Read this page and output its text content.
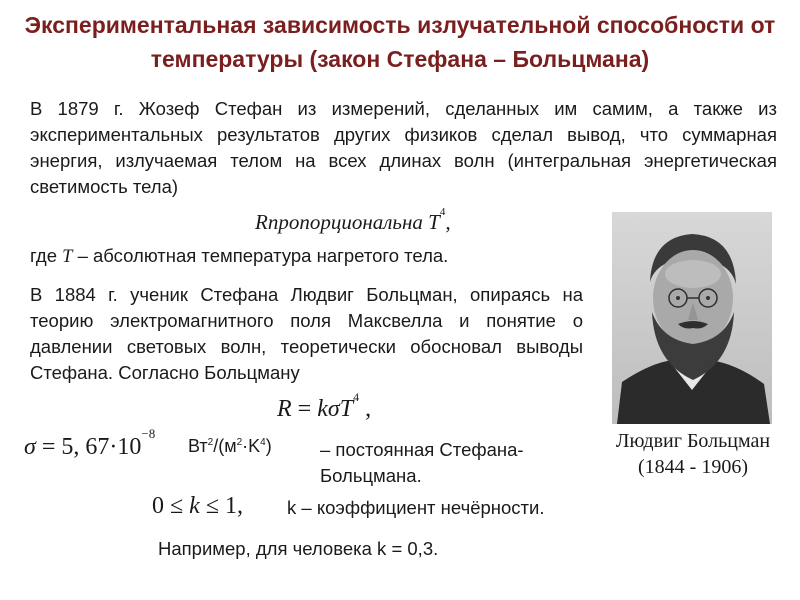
Экспериментальная зависимость излучательной способности от
температуры (закон Стефана – Больцмана)
В 1879 г. Жозеф Стефан из измерений, сделанных им самим, а также из экспериментальных результатов других физиков сделал вывод, что суммарная энергия, излучаемая телом на всех длинах волн (интегральная энергетическая светимость тела)
Rпропорциональна $T^4$,
где T – абсолютная температура нагретого тела.
В 1884 г. ученик Стефана Людвиг Больцман, опираясь на теорию электромагнитного поля Максвелла и понятие о давлении световых волн, теоретически обосновал выводы Стефана. Согласно Больцману
R = kσT$^4$ ,
σ = 5, $67\cdot 10^{-8}$
$Вт^2/(м^2\cdot K^4)$	– постоянная Стефана-Больцмана.
0 ≤ k ≤ 1, k – коэффициент нечёрности.
Например, для человека k = 0,3.
Людвиг Больцман
(1844 - 1906)
